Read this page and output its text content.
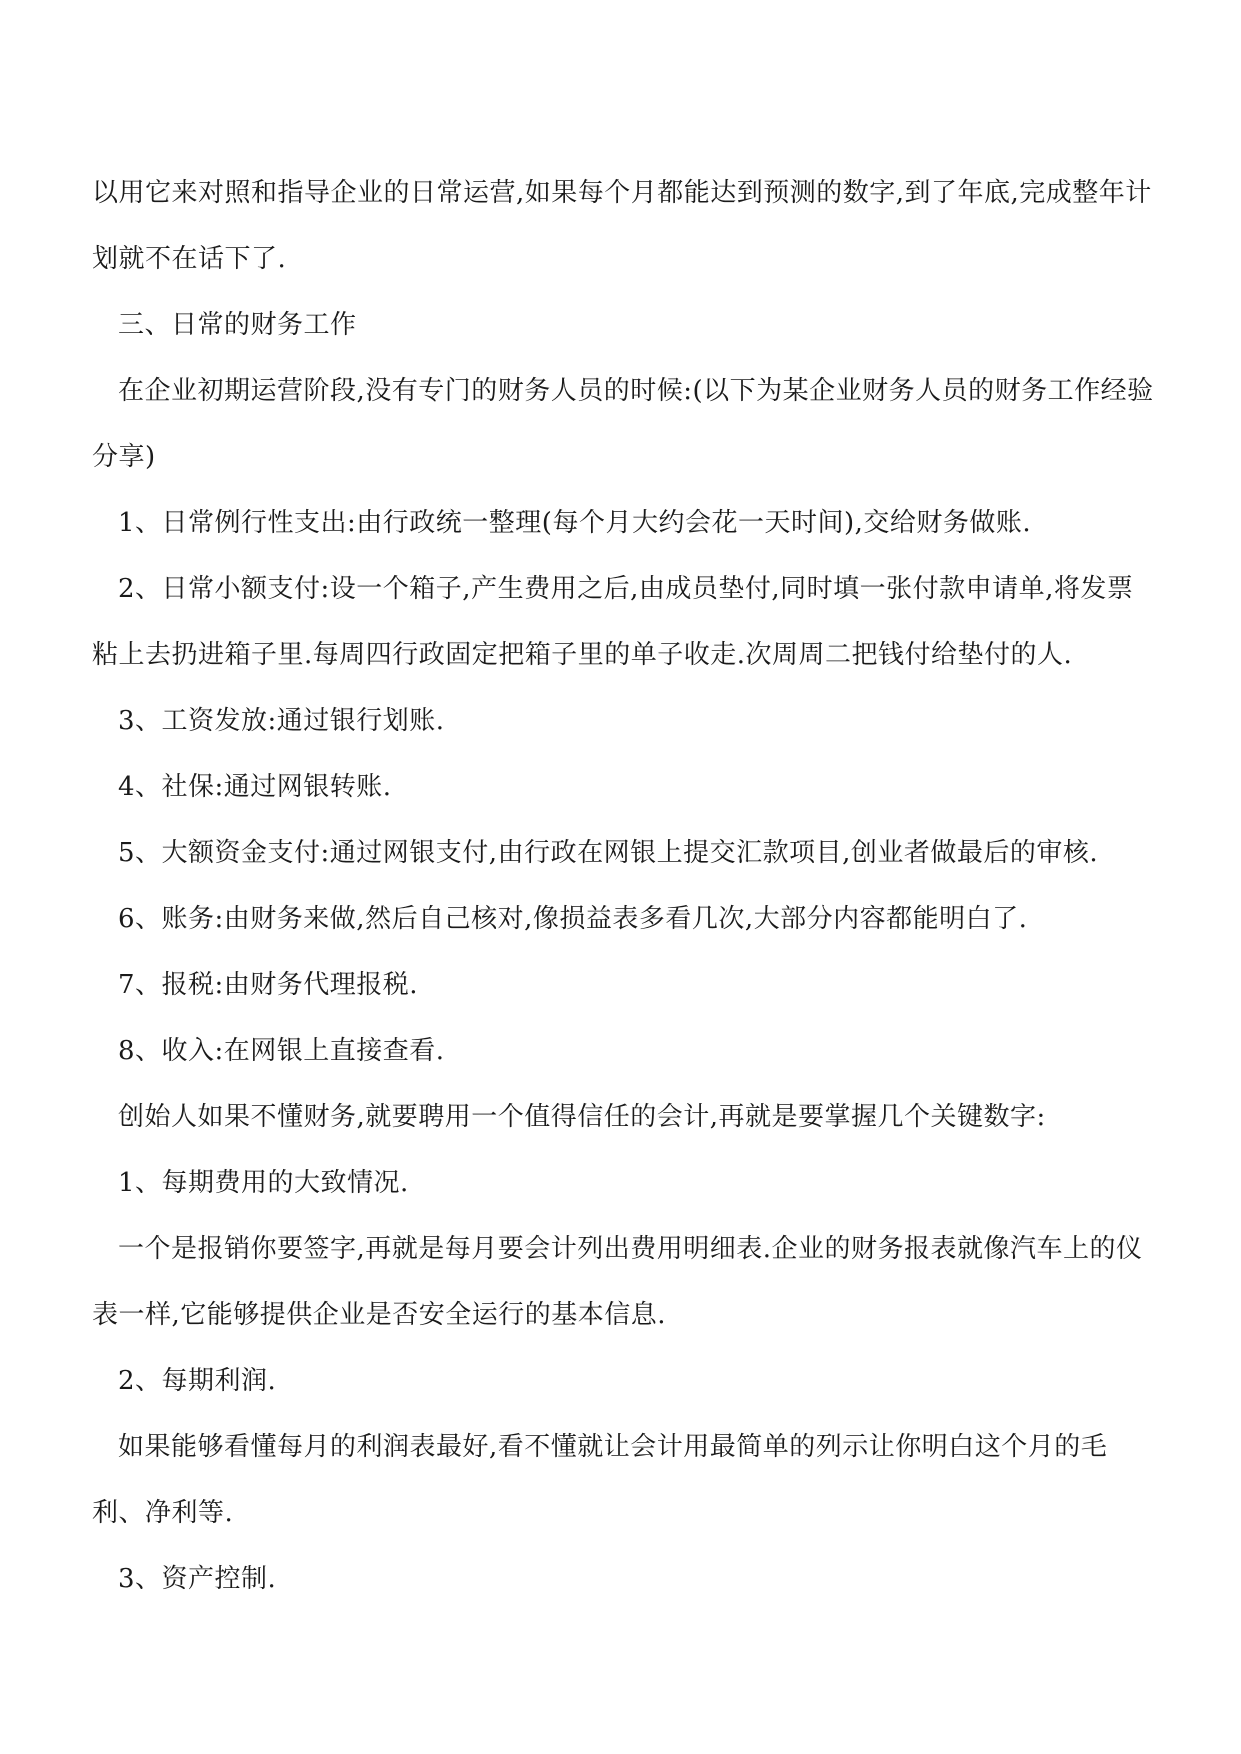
以用它来对照和指导企业的日常运营,如果每个月都能达到预测的数字,到了年底,完成整年计划就不在话下了.

三、日常的财务工作

在企业初期运营阶段,没有专门的财务人员的时候:(以下为某企业财务人员的财务工作经验分享)

1、日常例行性支出:由行政统一整理(每个月大约会花一天时间),交给财务做账.

2、日常小额支付:设一个箱子,产生费用之后,由成员垫付,同时填一张付款申请单,将发票粘上去扔进箱子里.每周四行政固定把箱子里的单子收走.次周周二把钱付给垫付的人.

3、工资发放:通过银行划账.

4、社保:通过网银转账.

5、大额资金支付:通过网银支付,由行政在网银上提交汇款项目,创业者做最后的审核.

6、账务:由财务来做,然后自己核对,像损益表多看几次,大部分内容都能明白了.

7、报税:由财务代理报税.

8、收入:在网银上直接查看.

创始人如果不懂财务,就要聘用一个值得信任的会计,再就是要掌握几个关键数字:

1、每期费用的大致情况.

一个是报销你要签字,再就是每月要会计列出费用明细表.企业的财务报表就像汽车上的仪表一样,它能够提供企业是否安全运行的基本信息.

2、每期利润.

如果能够看懂每月的利润表最好,看不懂就让会计用最简单的列示让你明白这个月的毛利、净利等.

3、资产控制.
